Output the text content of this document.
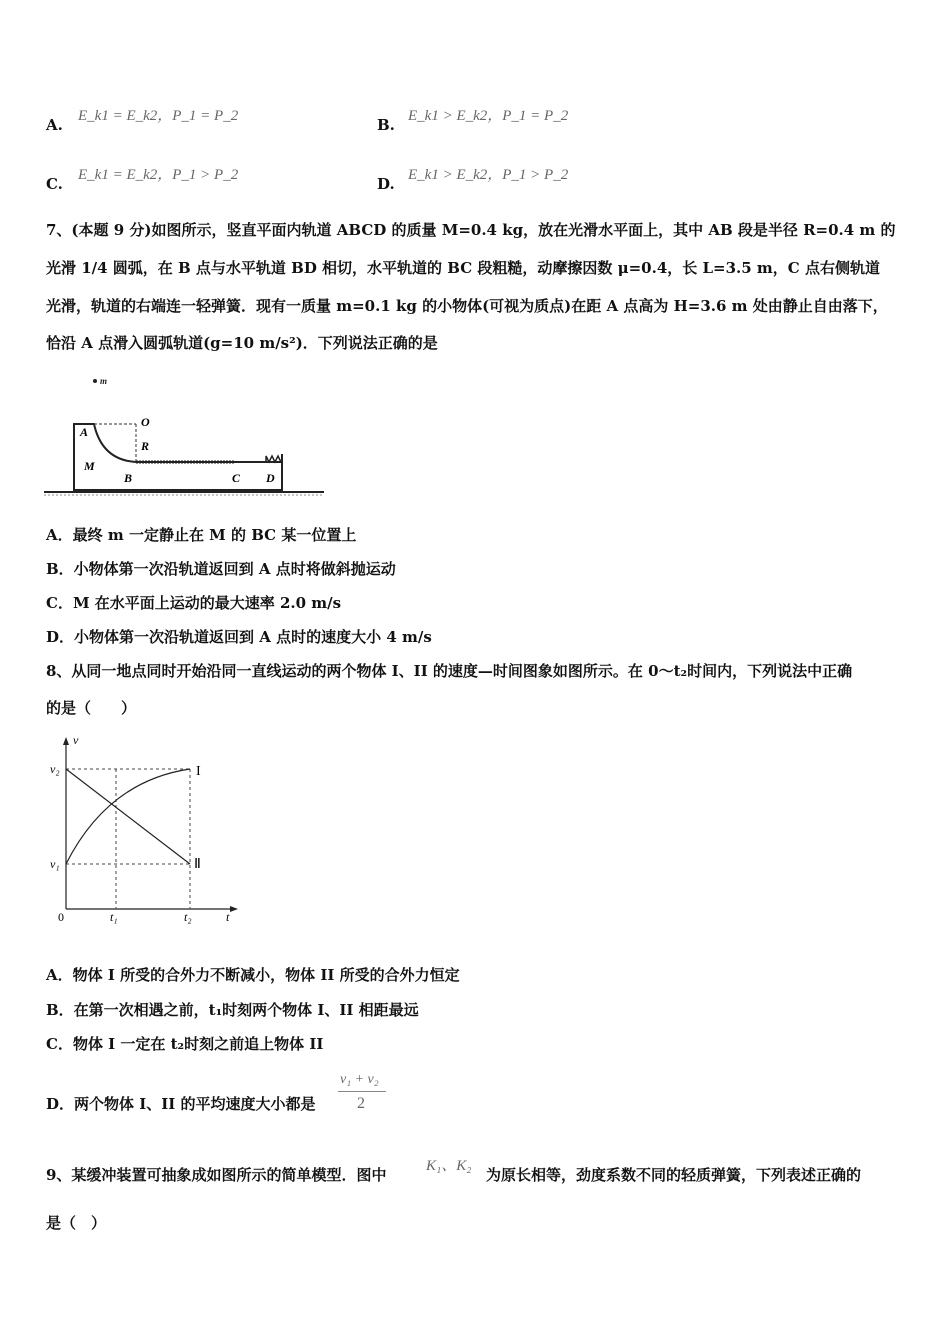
A. E_k1 = E_k2，P_1 = P_2	B. E_k1 > E_k2，P_1 = P_2
C. E_k1 = E_k2，P_1 > P_2	D. E_k1 > E_k2，P_1 > P_2
7、(本题 9 分)如图所示，竖直平面内轨道 ABCD 的质量 M=0.4 kg，放在光滑水平面上，其中 AB 段是半径 R=0.4 m 的
光滑 1/4 圆弧，在 B 点与水平轨道 BD 相切，水平轨道的 BC 段粗糙，动摩擦因数 μ=0.4，长 L=3.5 m，C 点右侧轨道
光滑，轨道的右端连一轻弹簧．现有一质量 m=0.1 kg 的小物体(可视为质点)在距 A 点高为 H=3.6 m 处由静止自由落下，
恰沿 A 点滑入圆弧轨道(g=10 m/s²)．下列说法正确的是
m
A
O
R
M
B	C D
A．最终 m 一定静止在 M 的 BC 某一位置上
B．小物体第一次沿轨道返回到 A 点时将做斜抛运动
C．M 在水平面上运动的最大速率 2.0 m/s
D．小物体第一次沿轨道返回到 A 点时的速度大小 4 m/s
8、从同一地点同时开始沿同一直线运动的两个物体 I、II 的速度—时间图象如图所示。在 0～t₂时间内，下列说法中正确
的是（　　）
v
t
v₂
v₁
0	t₁	t₂
I
Ⅱ
A．物体 I 所受的合外力不断减小，物体 II 所受的合外力恒定
B．在第一次相遇之前，t₁时刻两个物体 I、II 相距最远
C．物体 I 一定在 t₂时刻之前追上物体 II
D．两个物体 I、II 的平均速度大小都是
v₁ + v₂
2
9、某缓冲装置可抽象成如图所示的简单模型．图中	K₁、K₂ 为原长相等，劲度系数不同的轻质弹簧，下列表述正确的
是（　）
